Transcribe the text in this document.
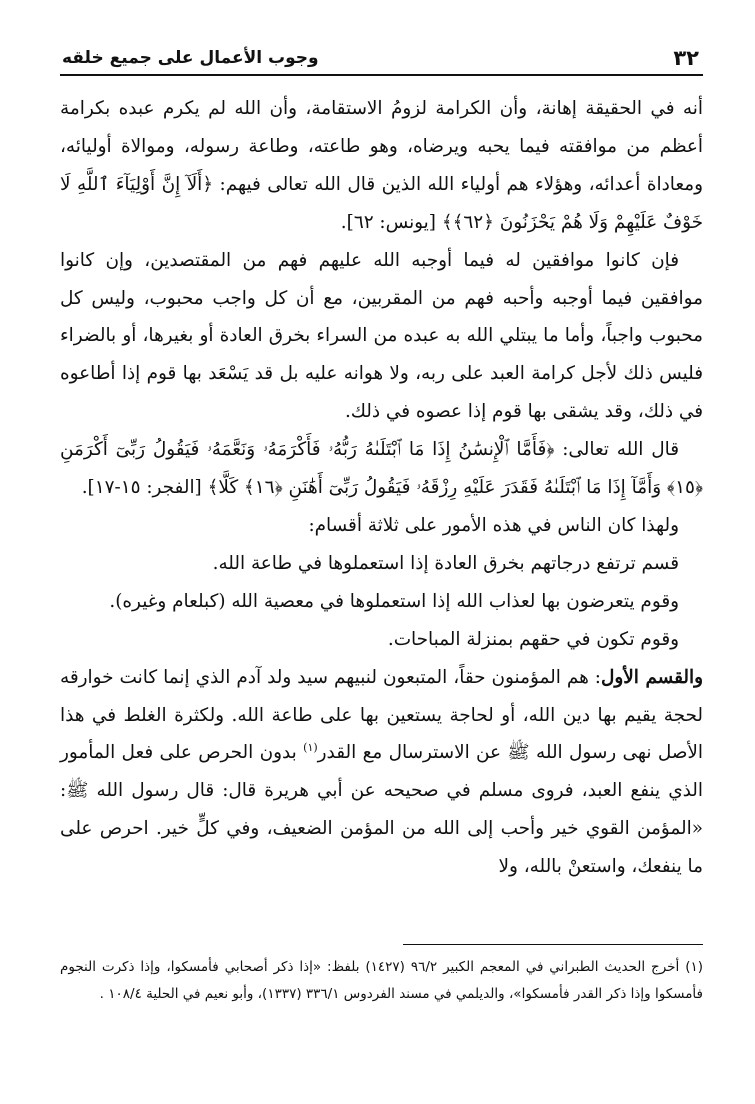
٣٢
وجوب الأعمال على جميع خلقه

أنه في الحقيقة إهانة، وأن الكرامة لزومُ الاستقامة، وأن الله لم يكرم عبده بكرامة أعظم من موافقته فيما يحبه ويرضاه، وهو طاعته، وطاعة رسوله، وموالاة أوليائه، ومعاداة أعدائه، وهؤلاء هم أولياء الله الذين قال الله تعالى فيهم: ﴿أَلَآ إِنَّ أَوْلِيَآءَ ٱللَّهِ لَا خَوْفٌ عَلَيْهِمْ وَلَا هُمْ يَحْزَنُونَ ﴿٦٢﴾﴾ [يونس: ٦٢].

فإن كانوا موافقين له فيما أوجبه الله عليهم فهم من المقتصدين، وإن كانوا موافقين فيما أوجبه وأحبه فهم من المقربين، مع أن كل واجب محبوب، وليس كل محبوب واجباً، وأما ما يبتلي الله به عبده من السراء بخرق العادة أو بغيرها، أو بالضراء فليس ذلك لأجل كرامة العبد على ربه، ولا هوانه عليه بل قد يَسْعَد بها قوم إذا أطاعوه في ذلك، وقد يشقى بها قوم إذا عصوه في ذلك.

قال الله تعالى: ﴿فَأَمَّا ٱلْإِنسَٰنُ إِذَا مَا ٱبْتَلَىٰهُ رَبُّهُۥ فَأَكْرَمَهُۥ وَنَعَّمَهُۥ فَيَقُولُ رَبِّىٓ أَكْرَمَنِ ﴿١٥﴾ وَأَمَّآ إِذَا مَا ٱبْتَلَىٰهُ فَقَدَرَ عَلَيْهِ رِزْقَهُۥ فَيَقُولُ رَبِّىٓ أَهَٰنَنِ ﴿١٦﴾ كَلَّا﴾ [الفجر: ١٥-١٧].

ولهذا كان الناس في هذه الأمور على ثلاثة أقسام:

قسم ترتفع درجاتهم بخرق العادة إذا استعملوها في طاعة الله.

وقوم يتعرضون بها لعذاب الله إذا استعملوها في معصية الله (كبلعام وغيره).

وقوم تكون في حقهم بمنزلة المباحات.

والقسم الأول: هم المؤمنون حقاً، المتبعون لنبيهم سيد ولد آدم الذي إنما كانت خوارقه لحجة يقيم بها دين الله، أو لحاجة يستعين بها على طاعة الله. ولكثرة الغلط في هذا الأصل نهى رسول الله ﷺ عن الاسترسال مع القدر$^{(١)}$ بدون الحرص على فعل المأمور الذي ينفع العبد، فروى مسلم في صحيحه عن أبي هريرة قال: قال رسول الله ﷺ: «المؤمن القوي خير وأحب إلى الله من المؤمن الضعيف، وفي كلٍّ خير. احرص على ما ينفعك، واستعنْ بالله، ولا

(١) أخرج الحديث الطبراني في المعجم الكبير ٩٦/٢ (١٤٢٧) بلفظ: «إذا ذكر أصحابي فأمسكوا، وإذا ذكرت النجوم فأمسكوا وإذا ذكر القدر فأمسكوا»، والديلمي في مسند الفردوس ٣٣٦/١ (١٣٣٧)، وأبو نعيم في الحلية ١٠٨/٤ .
